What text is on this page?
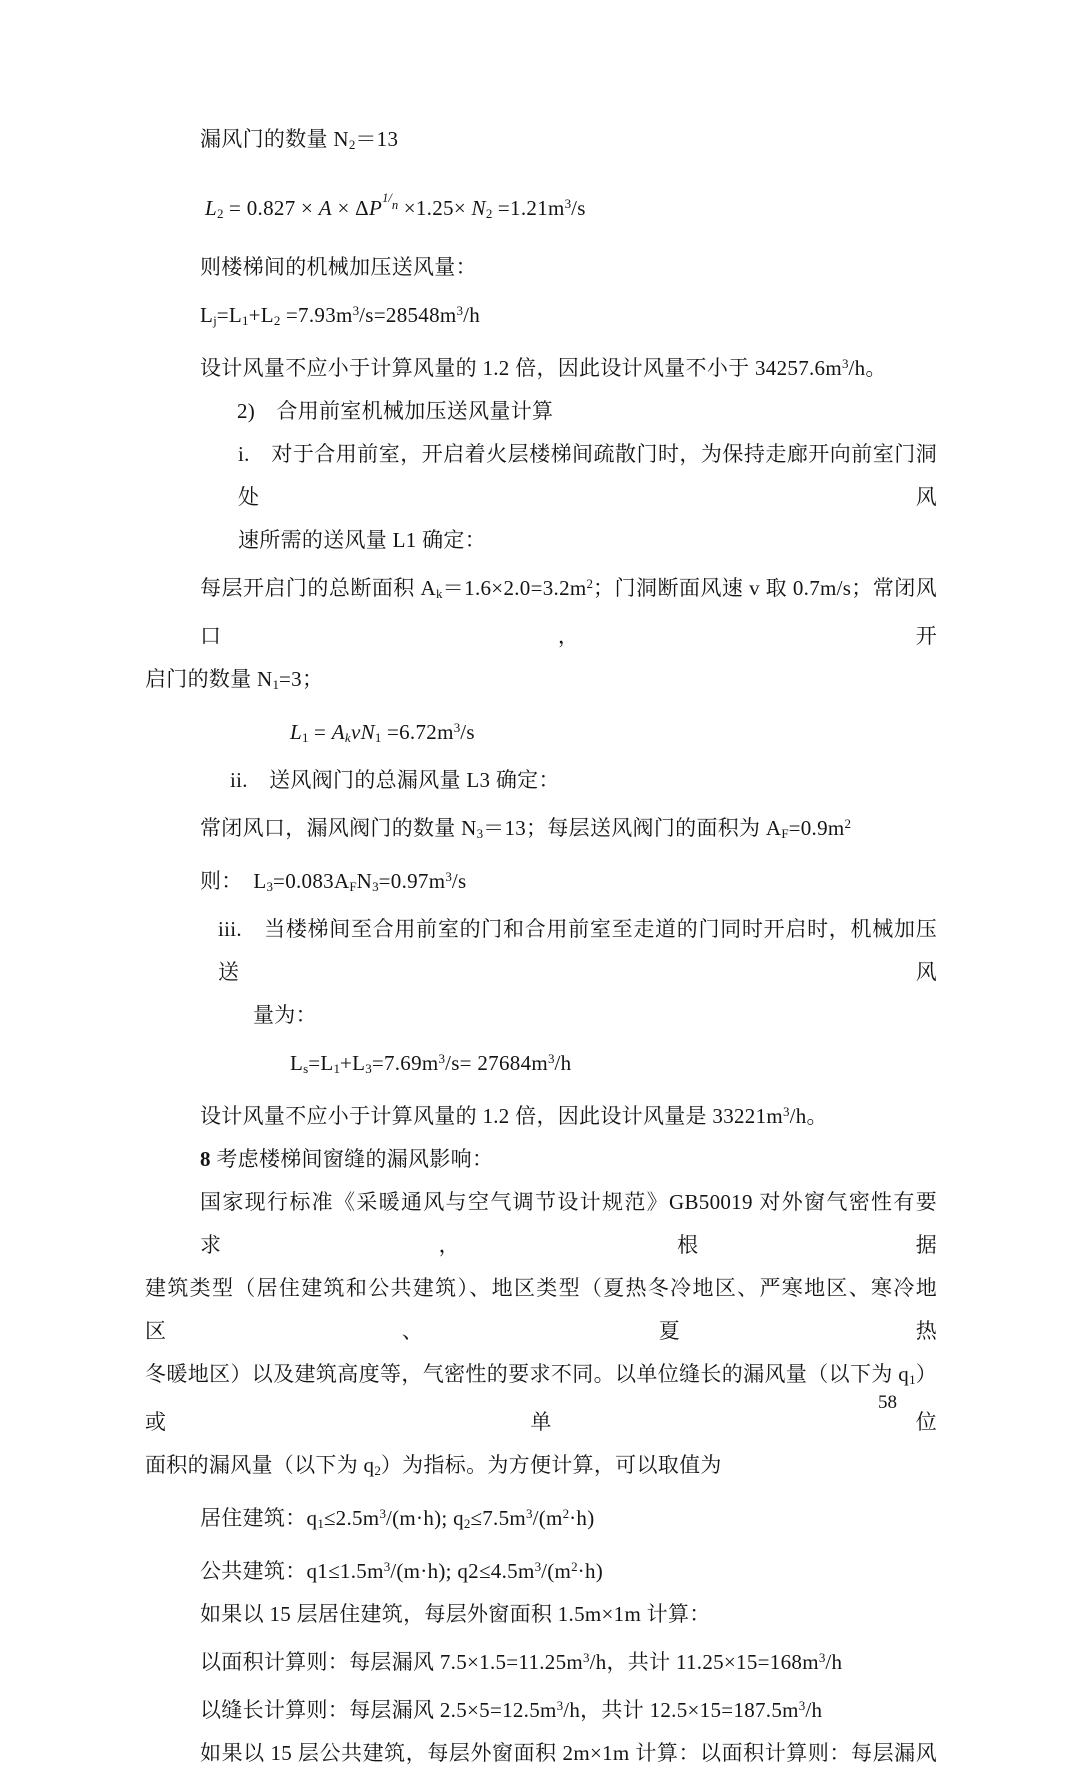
漏风门的数量 $N_2=13$
$L_2 = 0.827 \times A \times \Delta P^{1/n} \times 1.25\times N_2 =1.21m^3/s$
则楼梯间的机械加压送风量：
$L_j=L_1+L_2 =7.93m^3/s=28548m^3/h$
设计风量不应小于计算风量的 1.2 倍，因此设计风量不小于 $34257.6m^3/h$。
2)　合用前室机械加压送风量计算
i.　对于合用前室，开启着火层楼梯间疏散门时，为保持走廊开向前室门洞处风
速所需的送风量 L1 确定：
每层开启门的总断面积 $A_k=1.6\times 2.0=3.2m^2$；门洞断面风速 v 取 0.7m/s；常闭风口，开
启门的数量 $N_1=3$；
$L_1$ = AkvN$_1$ $=6.72m^3/s$
ii.　送风阀门的总漏风量 L3 确定：
常闭风口，漏风阀门的数量 $N_3=13$；每层送风阀门的面积为 $A_F=0.9m^2$
则：　$L_3=0.083A_FN_3=0.97m^3/s$
iii.　当楼梯间至合用前室的门和合用前室至走道的门同时开启时，机械加压送风
量为：
$L_s=L_1+L_3=7.69m^3/s= 27684m^3/h$
设计风量不应小于计算风量的 1.2 倍，因此设计风量是 $33221m^3/h$。
8 考虑楼梯间窗缝的漏风影响：
国家现行标准《采暖通风与空气调节设计规范》GB50019 对外窗气密性有要求，根据
建筑类型（居住建筑和公共建筑）、地区类型（夏热冬冷地区、严寒地区、寒冷地区、夏热
冬暖地区）以及建筑高度等，气密性的要求不同。以单位缝长的漏风量（以下为 $q_1$）或单位
面积的漏风量（以下为 $q_2$）为指标。为方便计算，可以取值为
居住建筑：$q_1\le 2.5m^3/(m\cdot h)$; $q_2\le 7.5m^3/(m^2\cdot h)$
公共建筑：$q1\le 1.5m^3/(m\cdot h)$; $q2\le 4.5m^3/(m^2\cdot h)$
如果以 15 层居住建筑，每层外窗面积 1.5m×1m 计算：
以面积计算则：每层漏风 $7.5\times 1.5=11.25m^3/h$，共计 $11.25\times 15=168m^3/h$
以缝长计算则：每层漏风 $2.5\times 5=12.5m^3/h$，共计 $12.5\times 15=187.5m^3/h$
如果以 15 层公共建筑，每层外窗面积 2m×1m 计算：以面积计算则：每层漏风
58
